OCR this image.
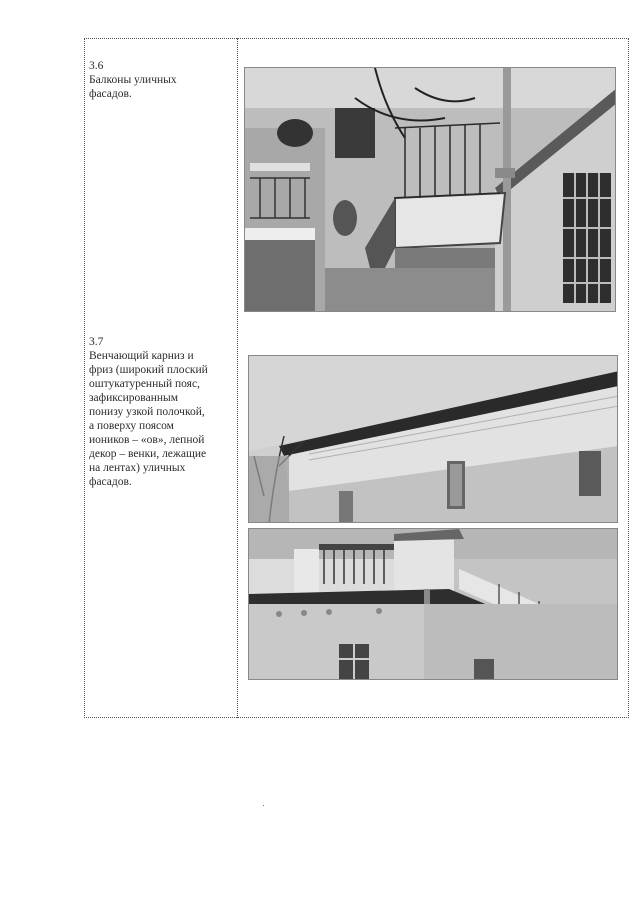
3.6
Балконы уличных
фасадов.
3.7
Венчающий карниз и
фриз (широкий плоский
оштукатуренный пояс,
зафиксированным
понизу узкой полочкой,
а поверху поясом
иоников – «ов», лепной
декор – венки, лежащие
на лентах) уличных
фасадов.
